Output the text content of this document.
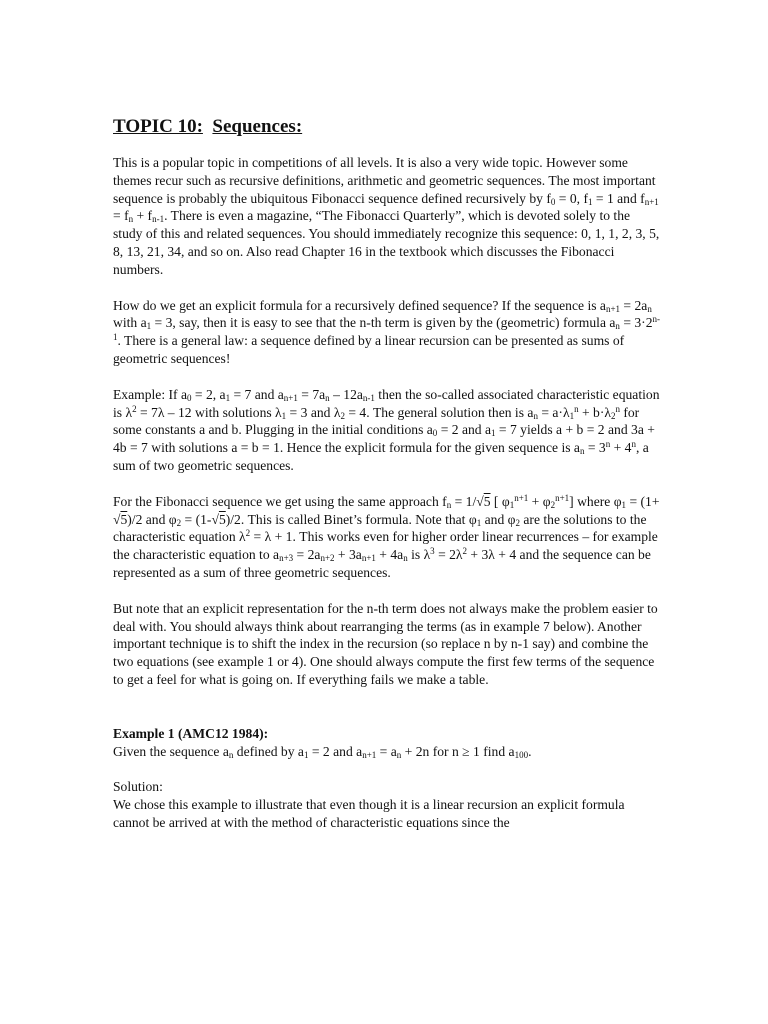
TOPIC 10: Sequences:

This is a popular topic in competitions of all levels. It is also a very wide topic. However some themes recur such as recursive definitions, arithmetic and geometric sequences. The most important sequence is probably the ubiquitous Fibonacci sequence defined recursively by $f_0 = 0$, $f_1 = 1$ and $f_{n+1} = f_n + f_{n-1}$. There is even a magazine, “The Fibonacci Quarterly”, which is devoted solely to the study of this and related sequences. You should immediately recognize this sequence: 0, 1, 1, 2, 3, 5, 8, 13, 21, 34, and so on. Also read Chapter 16 in the textbook which discusses the Fibonacci numbers.

How do we get an explicit formula for a recursively defined sequence? If the sequence is $a_{n+1} = 2a_n$ with $a_1 = 3$, say, then it is easy to see that the n-th term is given by the (geometric) formula $a_n = 3\cdot 2^{n-1}$. There is a general law: a sequence defined by a linear recursion can be presented as sums of geometric sequences!

Example: If $a_0 = 2$, $a_1 = 7$ and $a_{n+1} = 7a_n - 12a_{n-1}$ then the so-called associated characteristic equation is $\lambda^2 = 7\lambda - 12$ with solutions $\lambda_1 = 3$ and $\lambda_2 = 4$. The general solution then is $a_n = a\cdot\lambda_1^n + b\cdot\lambda_2^n$ for some constants a and b. Plugging in the initial conditions $a_0 = 2$ and $a_1 = 7$ yields a + b = 2 and 3a + 4b = 7 with solutions a = b = 1. Hence the explicit formula for the given sequence is $a_n = 3^n + 4^n$, a sum of two geometric sequences.

For the Fibonacci sequence we get using the same approach $f_n = 1/√5$ [ $\varphi_1^{n+1} + \varphi_2^{n+1}$] where $\varphi_1 = (1+√5)/2$ and $\varphi_2 = (1-√5)/2$. This is called Binet’s formula. Note that $\varphi_1$ and $\varphi_2$ are the solutions to the characteristic equation $\lambda^2 = \lambda + 1$. This works even for higher order linear recurrences – for example the characteristic equation to $a_{n+3} = 2a_{n+2} + 3a_{n+1} + 4a_n$ is $\lambda^3 = 2\lambda^2 + 3\lambda + 4$ and the sequence can be represented as a sum of three geometric sequences.

But note that an explicit representation for the n-th term does not always make the problem easier to deal with. You should always think about rearranging the terms (as in example 7 below). Another important technique is to shift the index in the recursion (so replace n by n-1 say) and combine the two equations (see example 1 or 4). One should always compute the first few terms of the sequence to get a feel for what is going on. If everything fails we make a table.

Example 1 (AMC12 1984):

Given the sequence $a_n$ defined by $a_1 = 2$ and $a_{n+1} = a_n + 2n$ for n ≥ 1 find $a_{100}$.

Solution:

We chose this example to illustrate that even though it is a linear recursion an explicit formula cannot be arrived at with the method of characteristic equations since the
